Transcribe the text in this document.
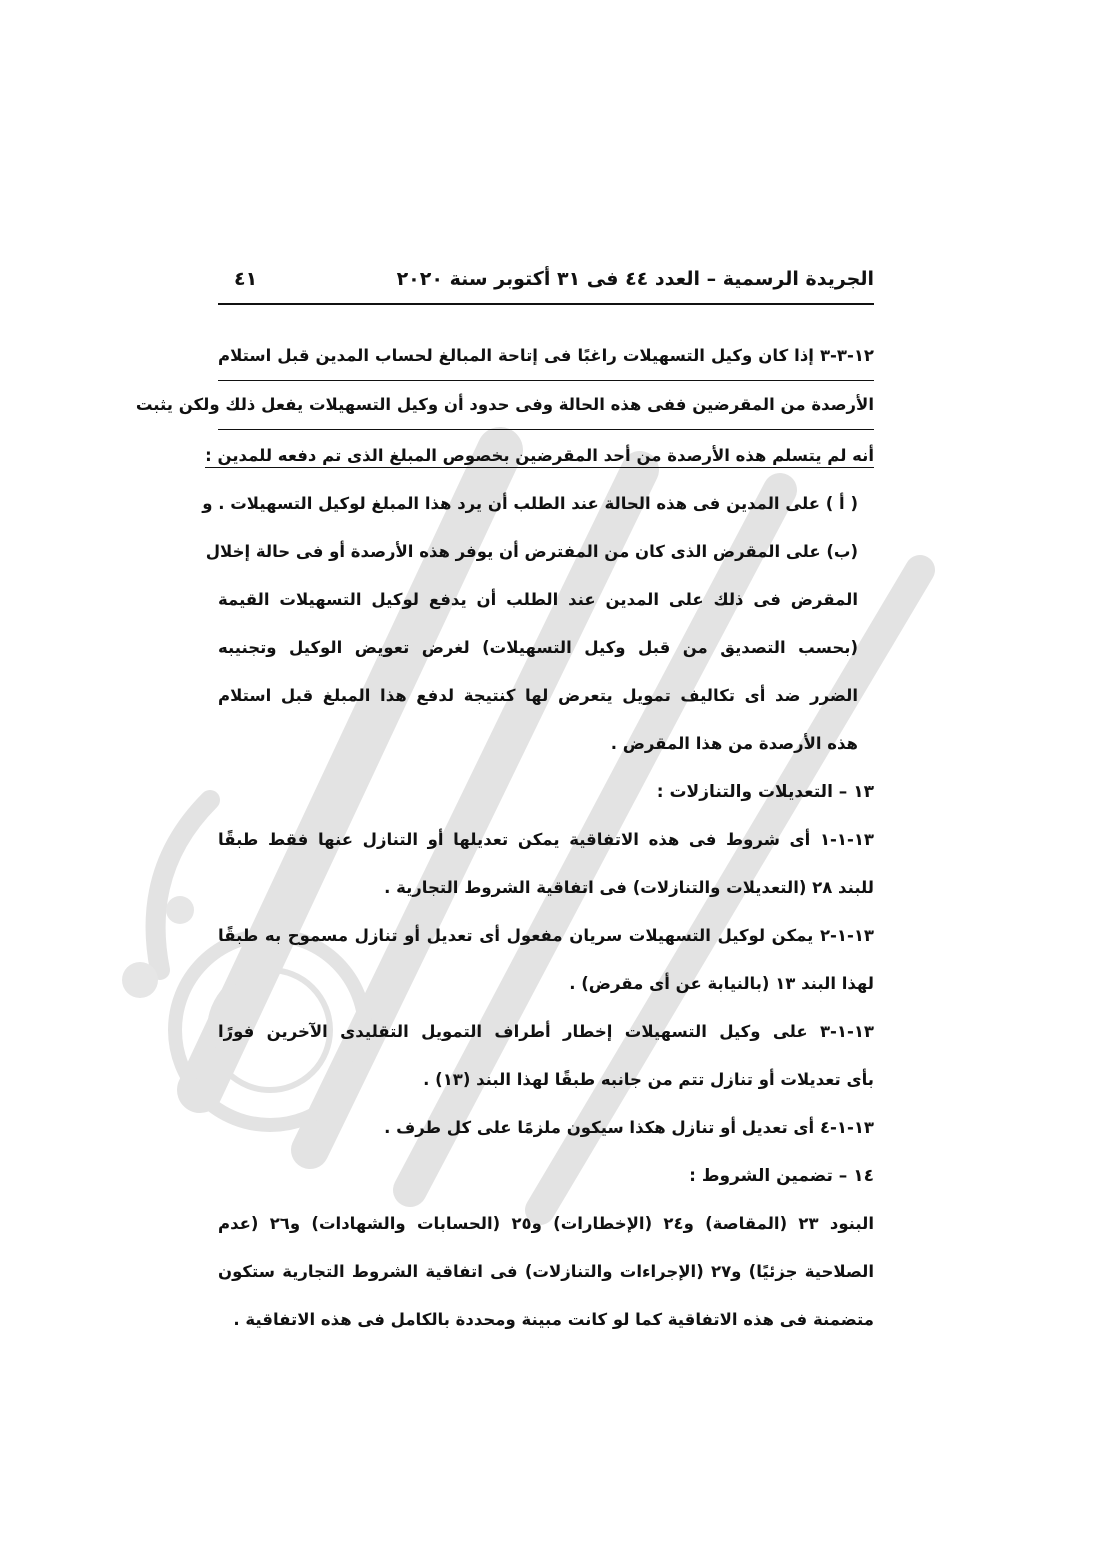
الجريدة الرسمية – العدد ٤٤ فى ٣١ أكتوبر سنة ٢٠٢٠
٤١
١٢-٣-٣ إذا كان وكيل التسهيلات راغبًا فى إتاحة المبالغ لحساب المدين قبل استلام
الأرصدة من المقرضين ففى هذه الحالة وفى حدود أن وكيل التسهيلات يفعل ذلك ولكن يثبت
أنه لم يتسلم هذه الأرصدة من أحد المقرضين بخصوص المبلغ الذى تم دفعه للمدين :
( أ ) على المدين فى هذه الحالة عند الطلب أن يرد هذا المبلغ لوكيل التسهيلات . و
(ب) على المقرض الذى كان من المفترض أن يوفر هذه الأرصدة أو فى حالة إخلال
المقرض فى ذلك على المدين عند الطلب أن يدفع لوكيل التسهيلات القيمة
(بحسب التصديق من قبل وكيل التسهيلات) لغرض تعويض الوكيل وتجنيبه
الضرر ضد أى تكاليف تمويل يتعرض لها كنتيجة لدفع هذا المبلغ قبل استلام
هذه الأرصدة من هذا المقرض .
١٣ – التعديلات والتنازلات :
١٣-١-١ أى شروط فى هذه الاتفاقية يمكن تعديلها أو التنازل عنها فقط طبقًا
للبند ٢٨ (التعديلات والتنازلات) فى اتفاقية الشروط التجارية .
١٣-١-٢ يمكن لوكيل التسهيلات سريان مفعول أى تعديل أو تنازل مسموح به طبقًا
لهذا البند ١٣ (بالنيابة عن أى مقرض) .
١٣-١-٣ على وكيل التسهيلات إخطار أطراف التمويل التقليدى الآخرين فورًا
بأى تعديلات أو تنازل تتم من جانبه طبقًا لهذا البند (١٣) .
١٣-١-٤ أى تعديل أو تنازل هكذا سيكون ملزمًا على كل طرف .
١٤ – تضمين الشروط :
البنود ٢٣ (المقاصة) و٢٤ (الإخطارات) و٢٥ (الحسابات والشهادات) و٢٦ (عدم
الصلاحية جزئيًا) و٢٧ (الإجراءات والتنازلات) فى اتفاقية الشروط التجارية ستكون
متضمنة فى هذه الاتفاقية كما لو كانت مبينة ومحددة بالكامل فى هذه الاتفاقية .
